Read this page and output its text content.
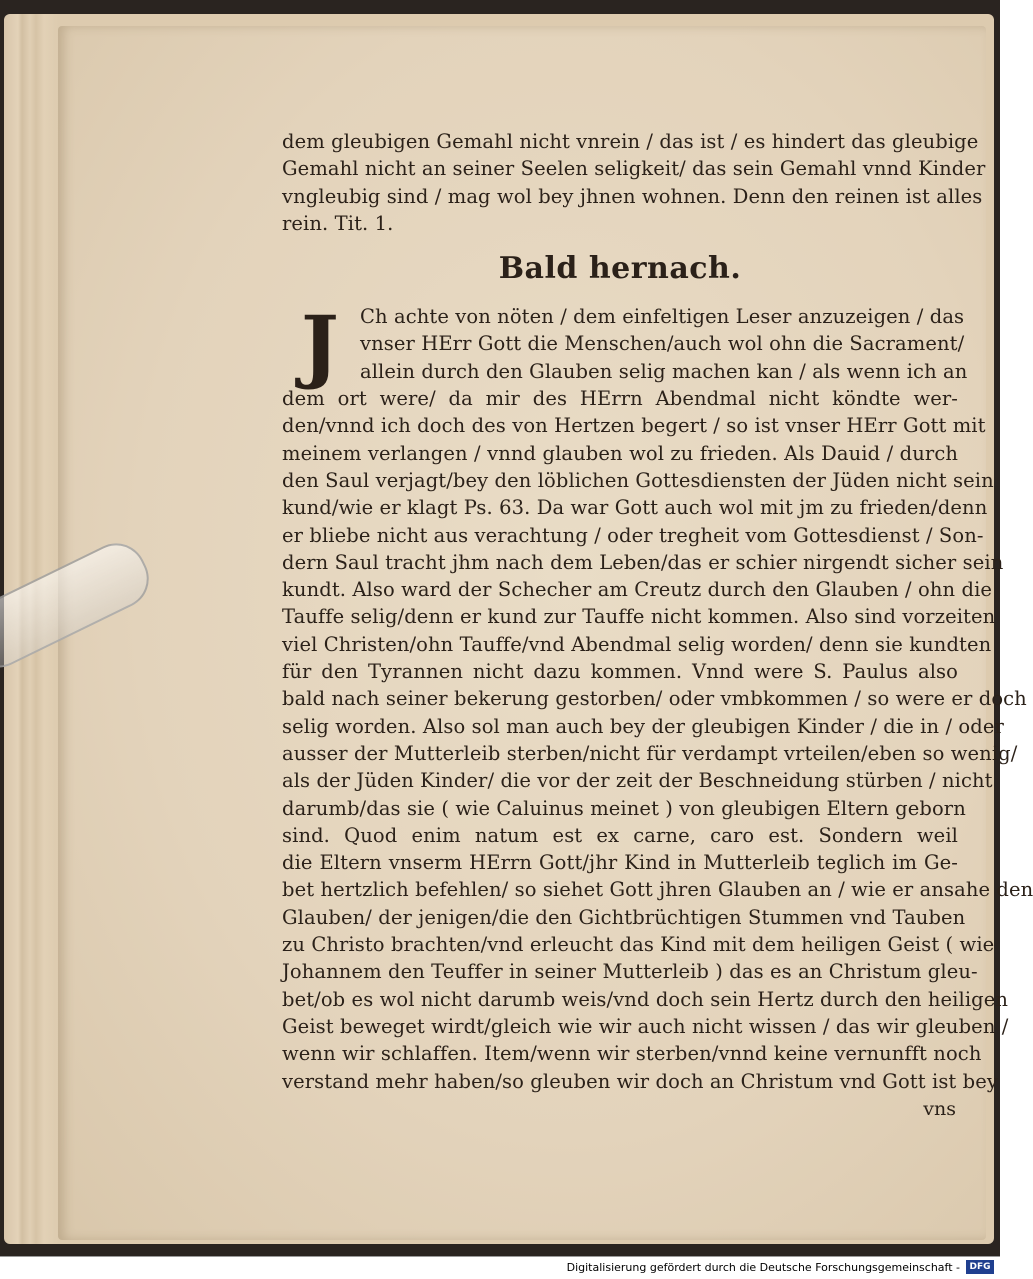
dem gleubigen Gemahl nicht vnrein / das ist / es hindert das gleubige
Gemahl nicht an seiner Seelen seligkeit/ das sein Gemahl vnnd Kinder
vngleubig sind / mag wol bey jhnen wohnen. Denn den reinen ist alles
rein. Tit. 1.
Bald hernach.
J	Ch achte von nöten / dem einfeltigen Leser anzuzeigen / das
vnser HErr Gott die Menschen/auch wol ohn die Sacrament/
allein durch den Glauben selig machen kan / als wenn ich an
dem ort were/ da mir des HErrn Abendmal nicht köndte wer-
den/vnnd ich doch des von Hertzen begert / so ist vnser HErr Gott mit
meinem verlangen / vnnd glauben wol zu frieden. Als Dauid / durch
den Saul verjagt/bey den löblichen Gottesdiensten der Jüden nicht sein
kund/wie er klagt Ps. 63. Da war Gott auch wol mit jm zu frieden/denn
er bliebe nicht aus verachtung / oder tregheit vom Gottesdienst / Son-
dern Saul tracht jhm nach dem Leben/das er schier nirgendt sicher sein
kundt. Also ward der Schecher am Creutz durch den Glauben / ohn die
Tauffe selig/denn er kund zur Tauffe nicht kommen. Also sind vorzeiten
viel Christen/ohn Tauffe/vnd Abendmal selig worden/ denn sie kundten
für den Tyrannen nicht dazu kommen. Vnnd were S. Paulus also
bald nach seiner bekerung gestorben/ oder vmbkommen / so were er doch
selig worden. Also sol man auch bey der gleubigen Kinder / die in / oder
ausser der Mutterleib sterben/nicht für verdampt vrteilen/eben so wenig/
als der Jüden Kinder/ die vor der zeit der Beschneidung stürben / nicht
darumb/das sie ( wie Caluinus meinet ) von gleubigen Eltern geborn
sind. Quod enim natum est ex carne, caro est. Sondern weil
die Eltern vnserm HErrn Gott/jhr Kind in Mutterleib teglich im Ge-
bet hertzlich befehlen/ so siehet Gott jhren Glauben an / wie er ansahe den
Glauben/ der jenigen/die den Gichtbrüchtigen Stummen vnd Tauben
zu Christo brachten/vnd erleucht das Kind mit dem heiligen Geist ( wie
Johannem den Teuffer in seiner Mutterleib ) das es an Christum gleu-
bet/ob es wol nicht darumb weis/vnd doch sein Hertz durch den heiligen
Geist beweget wirdt/gleich wie wir auch nicht wissen / das wir gleuben /
wenn wir schlaffen. Item/wenn wir sterben/vnnd keine vernunfft noch
verstand mehr haben/so gleuben wir doch an Christum vnd Gott ist bey
vns
Digitalisierung gefördert durch die Deutsche Forschungsgemeinschaft -	DFG
